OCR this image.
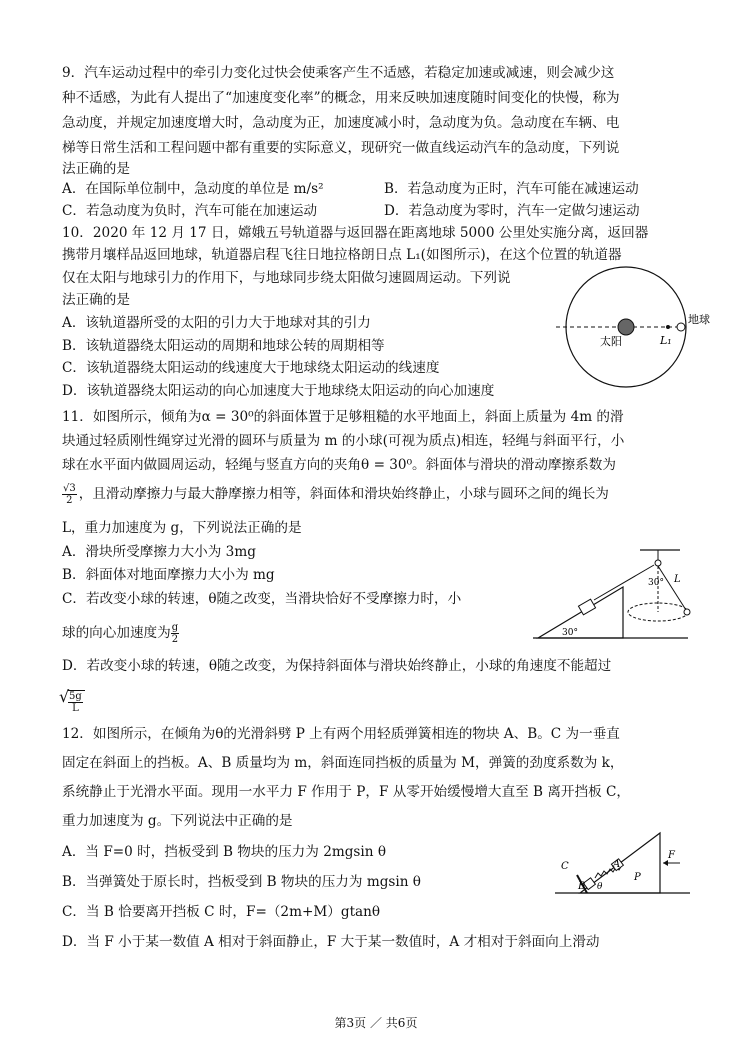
9．汽车运动过程中的牵引力变化过快会使乘客产生不适感，若稳定加速或减速，则会减少这
种不适感，为此有人提出了“加速度变化率”的概念，用来反映加速度随时间变化的快慢，称为
急动度，并规定加速度增大时，急动度为正，加速度减小时，急动度为负。急动度在车辆、电
梯等日常生活和工程问题中都有重要的实际意义，现研究一做直线运动汽车的急动度，下列说
法正确的是
A．在国际单位制中，急动度的单位是 m/s²	B．若急动度为正时，汽车可能在减速运动
C．若急动度为负时，汽车可能在加速运动	D．若急动度为零时，汽车一定做匀速运动
10．2020 年 12 月 17 日，嫦娥五号轨道器与返回器在距离地球 5000 公里处实施分离，返回器
携带月壤样品返回地球，轨道器启程飞往日地拉格朗日点 L₁(如图所示)，在这个位置的轨道器
仅在太阳与地球引力的作用下，与地球同步绕太阳做匀速圆周运动。下列说
法正确的是
A．该轨道器所受的太阳的引力大于地球对其的引力
B．该轨道器绕太阳运动的周期和地球公转的周期相等
C．该轨道器绕太阳运动的线速度大于地球绕太阳运动的线速度
D．该轨道器绕太阳运动的向心加速度大于地球绕太阳运动的向心加速度
太阳
地球
L₁
11．如图所示，倾角为α = 30⁰的斜面体置于足够粗糙的水平地面上，斜面上质量为 4m 的滑
块通过轻质刚性绳穿过光滑的圆环与质量为 m 的小球(可视为质点)相连，轻绳与斜面平行，小
球在水平面内做圆周运动，轻绳与竖直方向的夹角θ = 30⁰。斜面体与滑块的滑动摩擦系数为
$\frac{√3}{2}$ ，且滑动摩擦力与最大静摩擦力相等，斜面体和滑块始终静止，小球与圆环之间的绳长为
L，重力加速度为 g，下列说法正确的是
A．滑块所受摩擦力大小为 3mg
B．斜面体对地面摩擦力大小为 mg
C．若改变小球的转速，θ随之改变，当滑块恰好不受摩擦力时，小
球的向心加速度为 $\frac{g}{2}$
D．若改变小球的转速，θ随之改变，为保持斜面体与滑块始终静止，小球的角速度不能超过
√ $\frac{5g}{L}$
30° L
30°
12．如图所示，在倾角为θ的光滑斜劈 P 上有两个用轻质弹簧相连的物块 A、B。C 为一垂直
固定在斜面上的挡板。A、B 质量均为 m，斜面连同挡板的质量为 M，弹簧的劲度系数为 k，
系统静止于光滑水平面。现用一水平力 F 作用于 P，F 从零开始缓慢增大直至 B 离开挡板 C，
重力加速度为 g。下列说法中正确的是
A．当 F=0 时，挡板受到 B 物块的压力为 2mgsin θ
B．当弹簧处于原长时，挡板受到 B 物块的压力为 mgsin θ
C．当 B 恰要离开挡板 C 时，F=（2m+M）gtanθ
D．当 F 小于某一数值 A 相对于斜面静止，F 大于某一数值时，A 才相对于斜面向上滑动
C
B
A
P
F
θ
第3页 ／ 共6页
